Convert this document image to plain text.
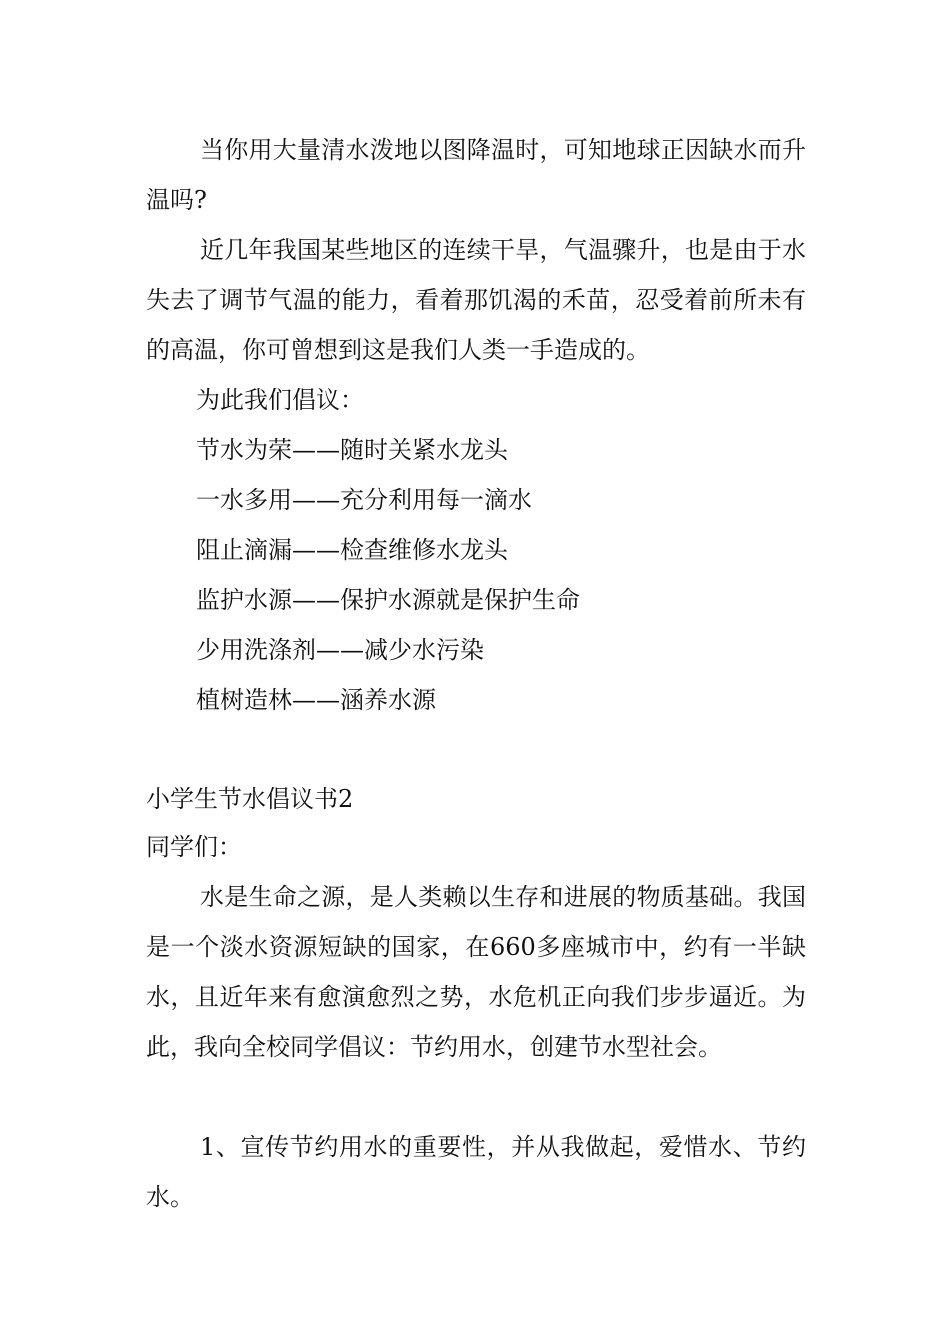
当你用大量清水泼地以图降温时，可知地球正因缺水而升温吗?

近几年我国某些地区的连续干旱，气温骤升，也是由于水失去了调节气温的能力，看着那饥渴的禾苗，忍受着前所未有的高温，你可曾想到这是我们人类一手造成的。

为此我们倡议：

节水为荣——随时关紧水龙头

一水多用——充分利用每一滴水

阻止滴漏——检查维修水龙头

监护水源——保护水源就是保护生命

少用洗涤剂——减少水污染

植树造林——涵养水源

小学生节水倡议书2

同学们：

水是生命之源，是人类赖以生存和进展的物质基础。我国是一个淡水资源短缺的国家，在660多座城市中，约有一半缺水，且近年来有愈演愈烈之势，水危机正向我们步步逼近。为此，我向全校同学倡议：节约用水，创建节水型社会。

1、宣传节约用水的重要性，并从我做起，爱惜水、节约水。
